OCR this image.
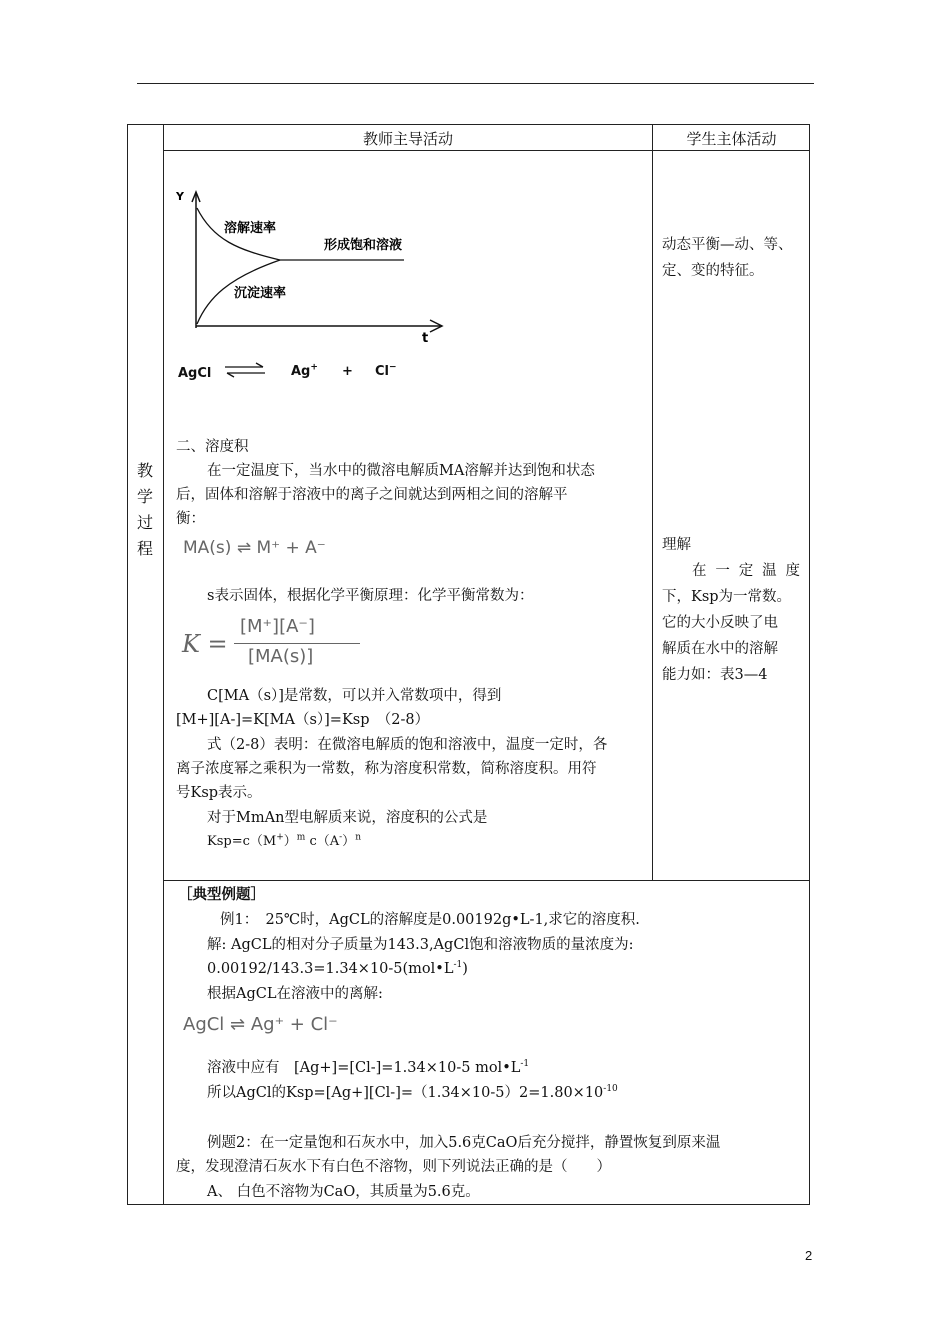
教师主导活动	学生主体活动
教
学
过
程
Y
t
溶解速率
形成饱和溶液
沉淀速率
AgCl ⇌ Ag+ + Cl−
动态平衡—动、等、
定、变的特征。
理解
在 一 定 温 度
下，Ksp为一常数。
它的大小反映了电
解质在水中的溶解
能力如：表3—4
二、溶度积
在一定温度下，当水中的微溶电解质MA溶解并达到饱和状态
后，固体和溶解于溶液中的离子之间就达到两相之间的溶解平
衡：
MA(s) ⇌ M⁺ + A⁻
s表示固体，根据化学平衡原理：化学平衡常数为：
K =
[M⁺][A⁻]
[MA(s)]
C[MA（s）]是常数，可以并入常数项中，得到
[M+][A-]=K[MA（s）]=Ksp　（2-8）
式（2-8）表明：在微溶电解质的饱和溶液中，温度一定时，各
离子浓度幂之乘积为一常数，称为溶度积常数，简称溶度积。用符
号Ksp表示。
对于MmAn型电解质来说，溶度积的公式是
$Ksp=c(M^+)^m$ $c(A^-)^n$
［典型例题］
例1：　25℃时，AgCL的溶解度是0.00192g•L-1,求它的溶度积.
解: AgCL的相对分子质量为143.3,AgCl饱和溶液物质的量浓度为:
$0.00192/143.3=1.34\times 10-5(mol•L^{-1})$
根据AgCL在溶液中的离解:
AgCl ⇌ Ag⁺ + Cl⁻
溶液中应有　[Ag+]=[Cl-]=1.34×10-5 $mol•L^{-1}$
所以AgCl的$Ksp=[Ag+][Cl-]=(1.34\times 10-5)2=1.80\times 10^{-10}$
例题2：在一定量饱和石灰水中，加入5.6克CaO后充分搅拌，静置恢复到原来温
度，发现澄清石灰水下有白色不溶物，则下列说法正确的是（　　）
A、 白色不溶物为CaO，其质量为5.6克。
2
